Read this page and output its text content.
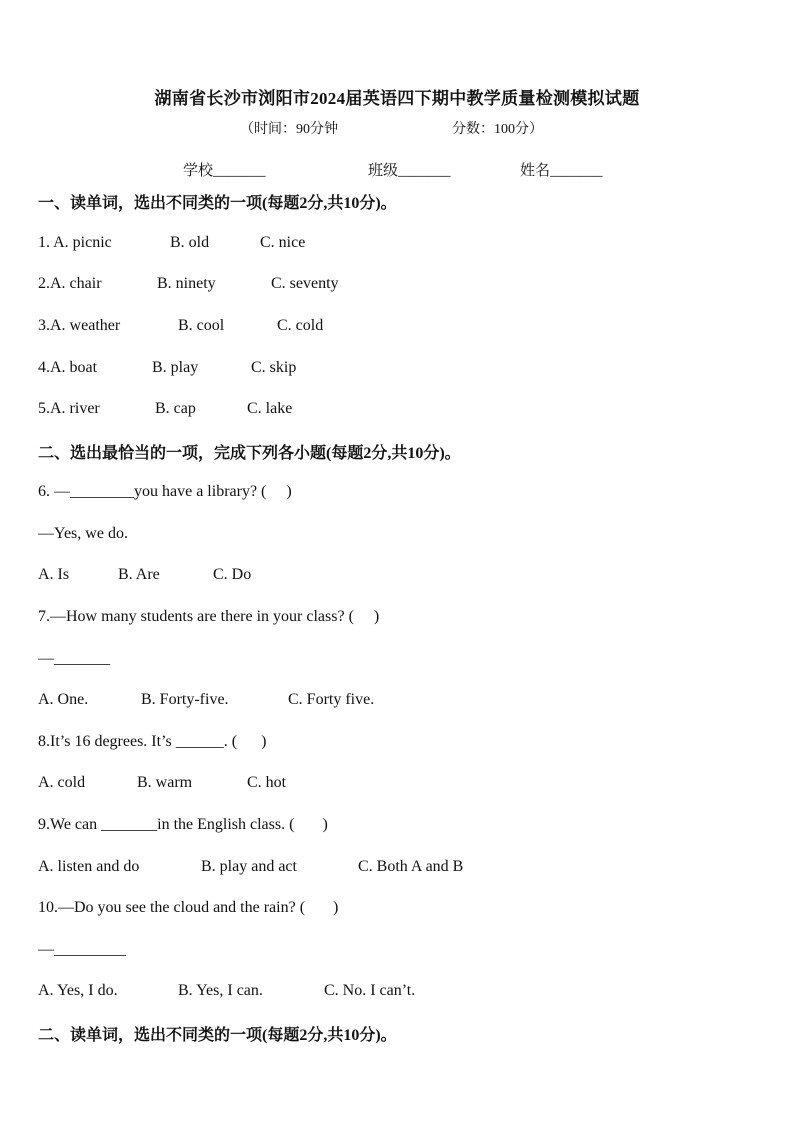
湖南省长沙市浏阳市2024届英语四下期中教学质量检测模拟试题
（时间：90分钟	分数：100分）
学校_______	班级_______	姓名_______
一、读单词，选出不同类的一项(每题2分,共10分)。
1. A. picnic	B. old	C. nice
2.A. chair	B. ninety	C. seventy
3.A. weather	B. cool	C. cold
4.A. boat	B. play	C. skip
5.A. river	B. cap	C. lake
二、选出最恰当的一项，完成下列各小题(每题2分,共10分)。
6. —________you have a library? (     )
—Yes, we do.
A. Is	B. Are	C. Do
7.—How many students are there in your class? (     )
—_______
A. One.	B. Forty-five.	C. Forty five.
8.It’s 16 degrees. It’s ______. (      )
A. cold	B. warm	C. hot
9.We can _______in the English class. (       )
A. listen and do	B. play and act	C. Both A and B
10.—Do you see the cloud and the rain? (       )
—_________
A. Yes, I do.	B. Yes, I can.	C. No. I can’t.
二、读单词，选出不同类的一项(每题2分,共10分)。
